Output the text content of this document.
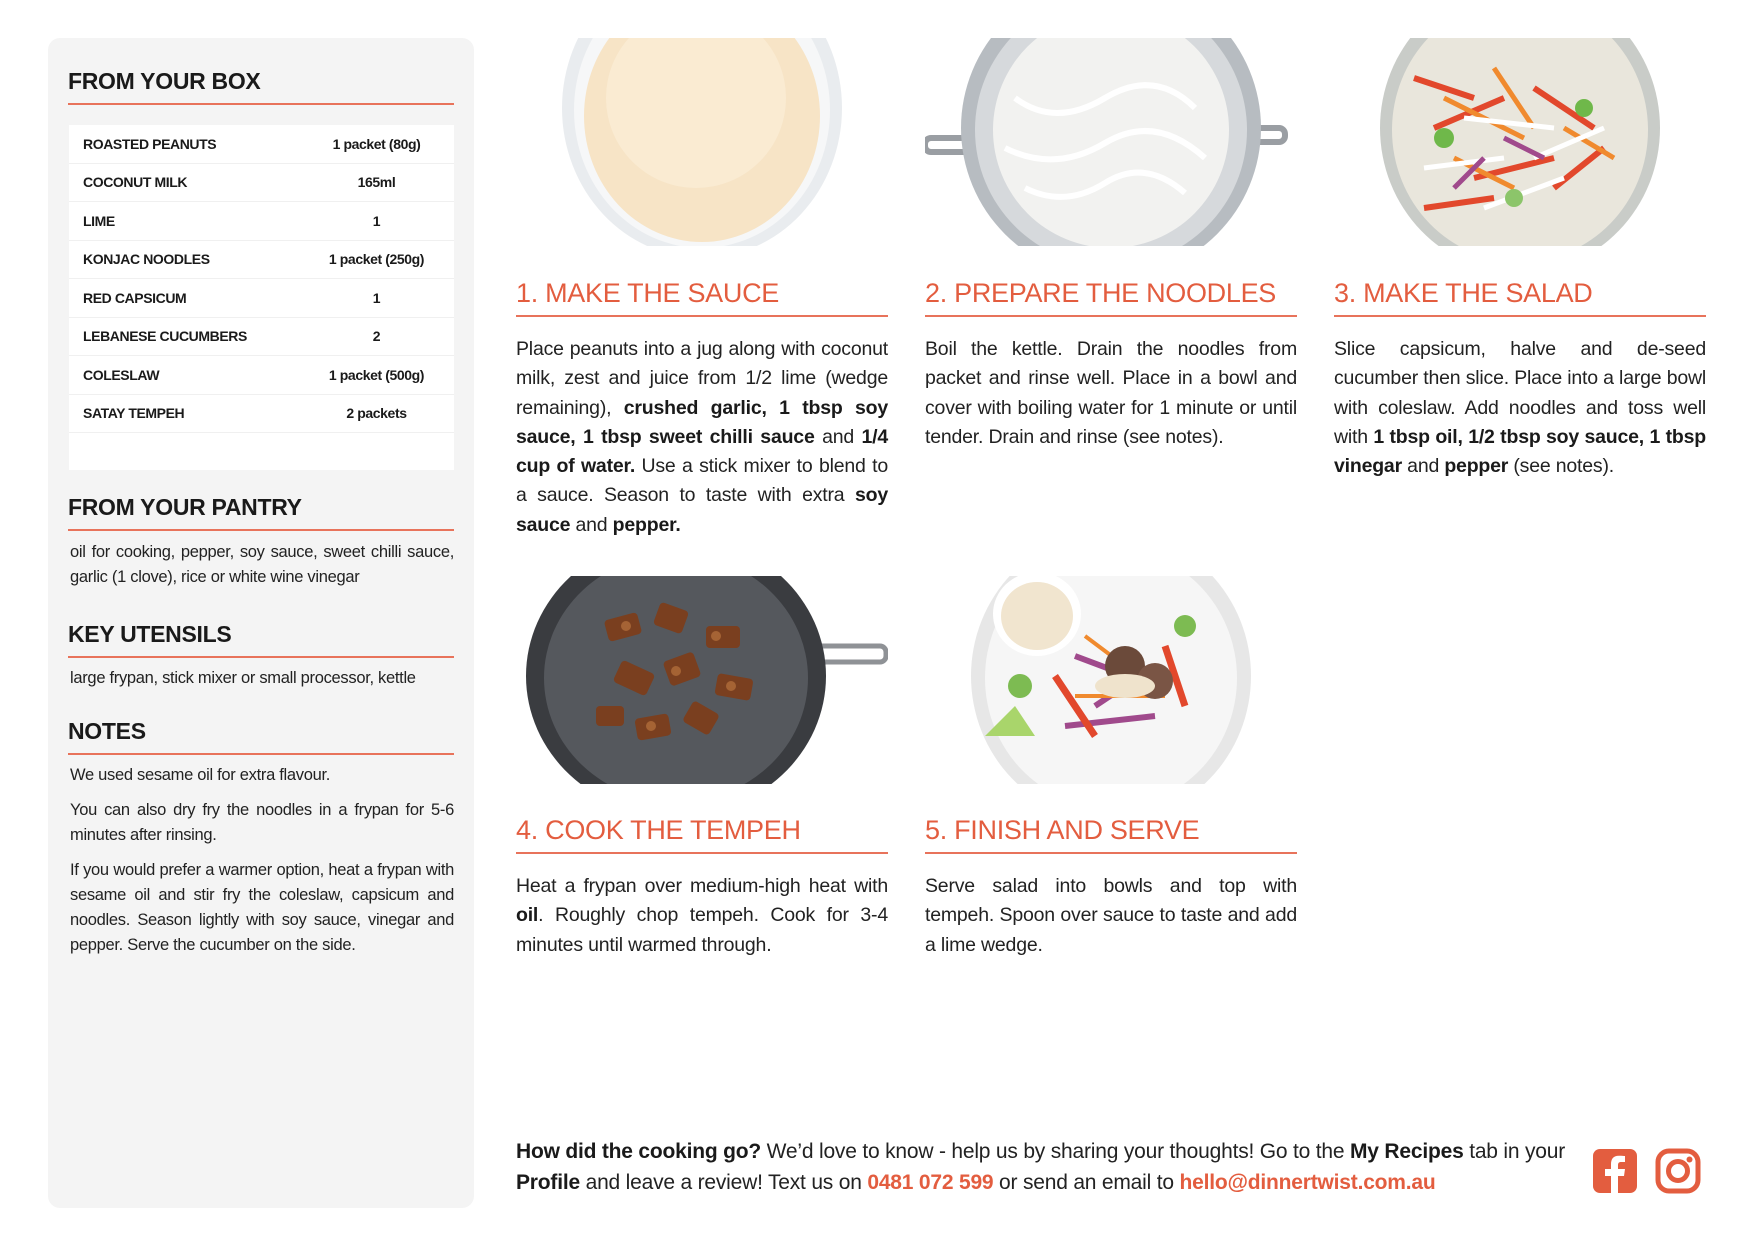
FROM YOUR BOX
ROASTED PEANUTS	1 packet (80g)
COCONUT MILK	165ml
LIME	1
KONJAC NOODLES	1 packet (250g)
RED CAPSICUM	1
LEBANESE CUCUMBERS	2
COLESLAW	1 packet (500g)
SATAY TEMPEH	2 packets
FROM YOUR PANTRY
oil for cooking, pepper, soy sauce, sweet chilli sauce, garlic (1 clove), rice or white wine vinegar
KEY UTENSILS
large frypan, stick mixer or small processor, kettle
NOTES

We used sesame oil for extra flavour.

You can also dry fry the noodles in a frypan for 5-6 minutes after rinsing.

If you would prefer a warmer option, heat a frypan with sesame oil and stir fry the coleslaw, capsicum and noodles. Season lightly with soy sauce, vinegar and pepper. Serve the cucumber on the side.

1. MAKE THE SAUCE
Place peanuts into a jug along with coconut milk, zest and juice from 1/2 lime (wedge remaining), crushed garlic, 1 tbsp soy sauce, 1 tbsp sweet chilli sauce and 1/4 cup of water. Use a stick mixer to blend to a sauce. Season to taste with extra soy sauce and pepper.
2. PREPARE THE NOODLES
Boil the kettle. Drain the noodles from packet and rinse well. Place in a bowl and cover with boiling water for 1 minute or until tender. Drain and rinse (see notes).
3. MAKE THE SALAD
Slice capsicum, halve and de-seed cucumber then slice. Place into a large bowl with coleslaw. Add noodles and toss well with 1 tbsp oil, 1/2 tbsp soy sauce, 1 tbsp vinegar and pepper (see notes).
4. COOK THE TEMPEH
Heat a frypan over medium-high heat with oil. Roughly chop tempeh. Cook for 3-4 minutes until warmed through.
5. FINISH AND SERVE
Serve salad into bowls and top with tempeh. Spoon over sauce to taste and add a lime wedge.
How did the cooking go? We’d love to know - help us by sharing your thoughts! Go to the My Recipes tab in your Profile and leave a review! Text us on 0481 072 599 or send an email to hello@dinnertwist.com.au
